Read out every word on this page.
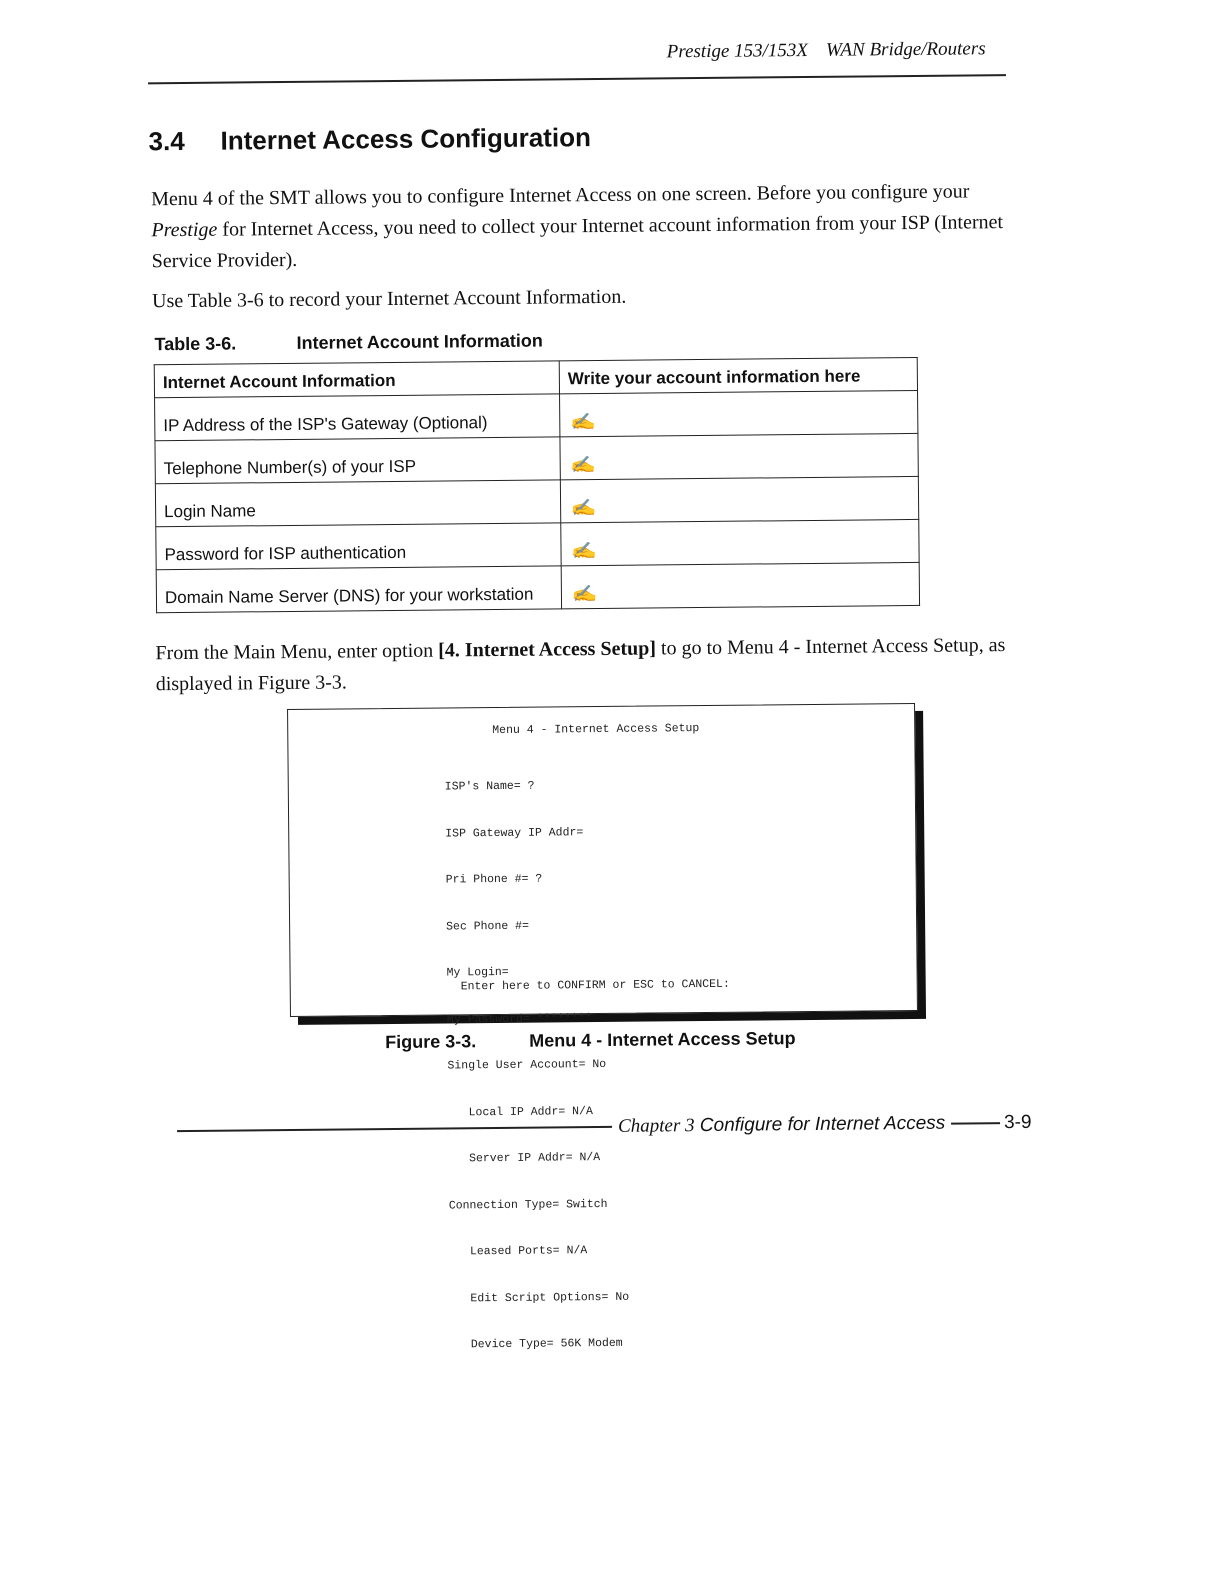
Prestige 153/153X WAN Bridge/Routers
3.4 Internet Access Configuration
Menu 4 of the SMT allows you to configure Internet Access on one screen. Before you configure your Prestige for Internet Access, you need to collect your Internet account information from your ISP (Internet Service Provider).
Use Table 3-6 to record your Internet Account Information.
Table 3-6.	Internet Account Information
Internet Account Information	Write your account information here
IP Address of the ISP's Gateway (Optional)	✍
Telephone Number(s) of your ISP	✍
Login Name	✍
Password for ISP authentication	✍
Domain Name Server (DNS) for your workstation	✍
From the Main Menu, enter option [4. Internet Access Setup] to go to Menu 4 - Internet Access Setup, as displayed in Figure 3-3.
Menu 4 - Internet Access Setup

ISP's Name= ?

ISP Gateway IP Addr=

Pri Phone #= ?

Sec Phone #=

My Login=

My Password= ********

Single User Account= No

Local IP Addr= N/A

Server IP Addr= N/A

Connection Type= Switch

Leased Ports= N/A

Edit Script Options= No

Device Type= 56K Modem

Enter here to CONFIRM or ESC to CANCEL:
Figure 3-3.	Menu 4 - Internet Access Setup
Chapter 3 Configure for Internet Access	3-9
